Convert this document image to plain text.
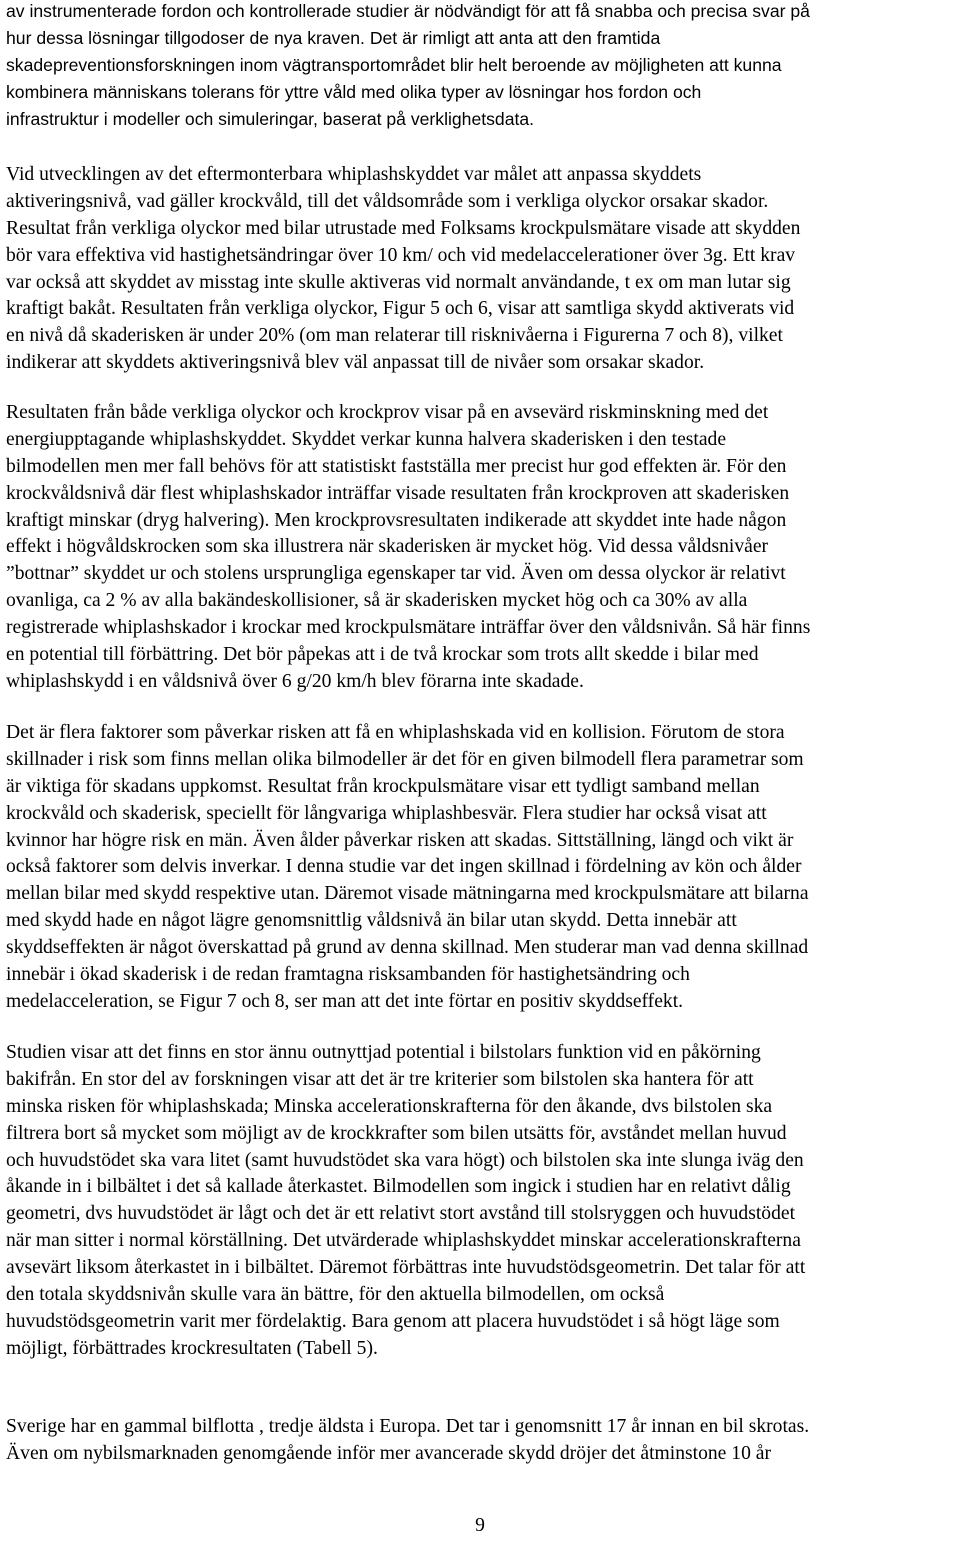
av instrumenterade fordon och kontrollerade studier är nödvändigt för att få snabba och precisa svar på
hur dessa lösningar tillgodoser de nya kraven. Det är rimligt att anta att den framtida
skadepreventionsforskningen inom vägtransportområdet blir helt beroende av möjligheten att kunna
kombinera människans tolerans för yttre våld med olika typer av lösningar hos fordon och
infrastruktur i modeller och simuleringar, baserat på verklighetsdata.

Vid utvecklingen av det eftermonterbara whiplashskyddet var målet att anpassa skyddets
aktiveringsnivå, vad gäller krockvåld, till det våldsområde som i verkliga olyckor orsakar skador.
Resultat från verkliga olyckor med bilar utrustade med Folksams krockpulsmätare visade att skydden
bör vara effektiva vid hastighetsändringar över 10 km/ och vid medelaccelerationer över 3g. Ett krav
var också att skyddet av misstag inte skulle aktiveras vid normalt användande, t ex om man lutar sig
kraftigt bakåt. Resultaten från verkliga olyckor, Figur 5 och 6, visar att samtliga skydd aktiverats vid
en nivå då skaderisken är under 20% (om man relaterar till risknivåerna i Figurerna 7 och 8), vilket
indikerar att skyddets aktiveringsnivå blev väl anpassat till de nivåer som orsakar skador.

Resultaten från både verkliga olyckor och krockprov visar på en avsevärd riskminskning med det
energiupptagande whiplashskyddet. Skyddet verkar kunna halvera skaderisken i den testade
bilmodellen men mer fall behövs för att statistiskt fastställa mer precist hur god effekten är. För den
krockvåldsnivå där flest whiplashskador inträffar visade resultaten från krockproven att skaderisken
kraftigt minskar (dryg halvering). Men krockprovsresultaten indikerade att skyddet inte hade någon
effekt i högvåldskrocken som ska illustrera när skaderisken är mycket hög. Vid dessa våldsnivåer
”bottnar” skyddet ur och stolens ursprungliga egenskaper tar vid. Även om dessa olyckor är relativt
ovanliga, ca 2 % av alla bakändeskollisioner, så är skaderisken mycket hög och ca 30% av alla
registrerade whiplashskador i krockar med krockpulsmätare inträffar över den våldsnivån. Så här finns
en potential till förbättring. Det bör påpekas att i de två krockar som trots allt skedde i bilar med
whiplashskydd i en våldsnivå över 6 g/20 km/h blev förarna inte skadade.

Det är flera faktorer som påverkar risken att få en whiplashskada vid en kollision. Förutom de stora
skillnader i risk som finns mellan olika bilmodeller är det för en given bilmodell flera parametrar som
är viktiga för skadans uppkomst. Resultat från krockpulsmätare visar ett tydligt samband mellan
krockvåld och skaderisk, speciellt för långvariga whiplashbesvär. Flera studier har också visat att
kvinnor har högre risk en män. Även ålder påverkar risken att skadas. Sittställning, längd och vikt är
också faktorer som delvis inverkar. I denna studie var det ingen skillnad i fördelning av kön och ålder
mellan bilar med skydd respektive utan. Däremot visade mätningarna med krockpulsmätare att bilarna
med skydd hade en något lägre genomsnittlig våldsnivå än bilar utan skydd. Detta innebär att
skyddseffekten är något överskattad på grund av denna skillnad. Men studerar man vad denna skillnad
innebär i ökad skaderisk i de redan framtagna risksambanden för hastighetsändring och
medelacceleration, se Figur 7 och 8, ser man att det inte förtar en positiv skyddseffekt.

Studien visar att det finns en stor ännu outnyttjad potential i bilstolars funktion vid en påkörning
bakifrån. En stor del av forskningen visar att det är tre kriterier som bilstolen ska hantera för att
minska risken för whiplashskada; Minska accelerationskrafterna för den åkande, dvs bilstolen ska
filtrera bort så mycket som möjligt av de krockkrafter som bilen utsätts för, avståndet mellan huvud
och huvudstödet ska vara litet (samt huvudstödet ska vara högt) och bilstolen ska inte slunga iväg den
åkande in i bilbältet i det så kallade återkastet. Bilmodellen som ingick i studien har en relativt dålig
geometri, dvs huvudstödet är lågt och det är ett relativt stort avstånd till stolsryggen och huvudstödet
när man sitter i normal körställning. Det utvärderade whiplashskyddet minskar accelerationskrafterna
avsevärt liksom återkastet in i bilbältet. Däremot förbättras inte huvudstödsgeometrin. Det talar för att
den totala skyddsnivån skulle vara än bättre, för den aktuella bilmodellen, om också
huvudstödsgeometrin varit mer fördelaktig. Bara genom att placera huvudstödet i så högt läge som
möjligt, förbättrades krockresultaten (Tabell 5).

Sverige har en gammal bilflotta , tredje äldsta i Europa. Det tar i genomsnitt 17 år innan en bil skrotas.
Även om nybilsmarknaden genomgående inför mer avancerade skydd dröjer det åtminstone 10 år

9
